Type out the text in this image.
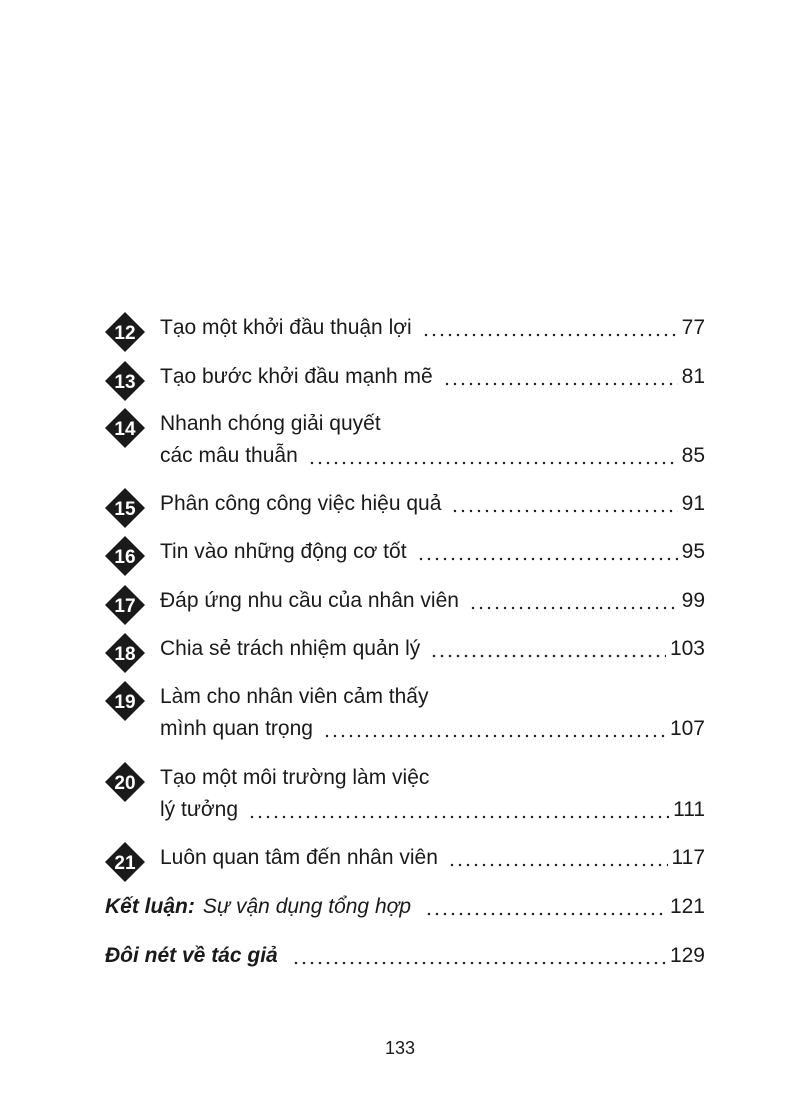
12 Tạo một khởi đầu thuận lợi	77
13 Tạo bước khởi đầu mạnh mẽ	81
14 Nhanh chóng giải quyết
các mâu thuẫn	85
15 Phân công công việc hiệu quả	91
16 Tin vào những động cơ tốt	95
17 Đáp ứng nhu cầu của nhân viên	99
18 Chia sẻ trách nhiệm quản lý	103
19 Làm cho nhân viên cảm thấy
mình quan trọng	107
20 Tạo một môi trường làm việc
lý tưởng	111
21 Luôn quan tâm đến nhân viên	117
Kết luận: Sự vận dụng tổng hợp	121
Đôi nét về tác giả	129
133
